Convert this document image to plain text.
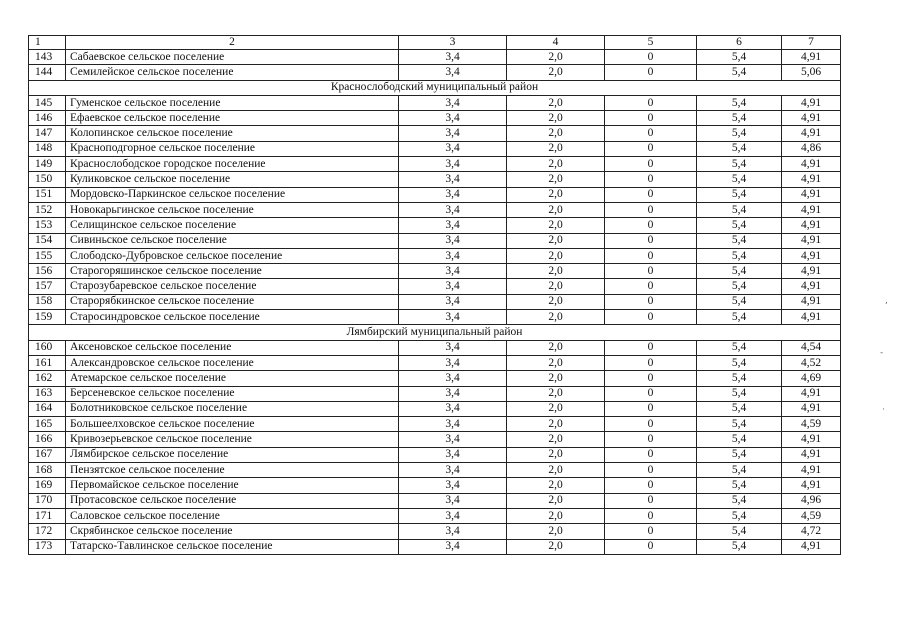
1	2	3	4	5	6	7
143	Сабаевское сельское поселение	3,4	2,0	0	5,4	4,91
144	Семилейское сельское поселение	3,4	2,0	0	5,4	5,06
Краснослободский муниципальный район						
145	Гуменское сельское поселение	3,4	2,0	0	5,4	4,91
146	Ефаевское сельское поселение	3,4	2,0	0	5,4	4,91
147	Колопинское сельское поселение	3,4	2,0	0	5,4	4,91
148	Красноподгорное сельское поселение	3,4	2,0	0	5,4	4,86
149	Краснослободское городское поселение	3,4	2,0	0	5,4	4,91
150	Куликовское сельское поселение	3,4	2,0	0	5,4	4,91
151	Мордовско-Паркинское сельское поселение	3,4	2,0	0	5,4	4,91
152	Новокарьгинское сельское поселение	3,4	2,0	0	5,4	4,91
153	Селищинское сельское поселение	3,4	2,0	0	5,4	4,91
154	Сивиньское сельское поселение	3,4	2,0	0	5,4	4,91
155	Слободско-Дубровское сельское поселение	3,4	2,0	0	5,4	4,91
156	Старогоряшинское сельское поселение	3,4	2,0	0	5,4	4,91
157	Старозубаревское сельское поселение	3,4	2,0	0	5,4	4,91
158	Старорябкинское сельское поселение	3,4	2,0	0	5,4	4,91
159	Старосиндровское сельское поселение	3,4	2,0	0	5,4	4,91
Лямбирский муниципальный район						
160	Аксеновское сельское поселение	3,4	2,0	0	5,4	4,54
161	Александровское сельское поселение	3,4	2,0	0	5,4	4,52
162	Атемарское сельское поселение	3,4	2,0	0	5,4	4,69
163	Берсеневское сельское поселение	3,4	2,0	0	5,4	4,91
164	Болотниковское сельское поселение	3,4	2,0	0	5,4	4,91
165	Большеелховское сельское поселение	3,4	2,0	0	5,4	4,59
166	Кривозерьевское сельское поселение	3,4	2,0	0	5,4	4,91
167	Лямбирское сельское поселение	3,4	2,0	0	5,4	4,91
168	Пензятское сельское поселение	3,4	2,0	0	5,4	4,91
169	Первомайское сельское поселение	3,4	2,0	0	5,4	4,91
170	Протасовское сельское поселение	3,4	2,0	0	5,4	4,96
171	Саловское сельское поселение	3,4	2,0	0	5,4	4,59
172	Скрябинское сельское поселение	3,4	2,0	0	5,4	4,72
173	Татарско-Тавлинское сельское поселение	3,4	2,0	0	5,4	4,91
,
-
·
